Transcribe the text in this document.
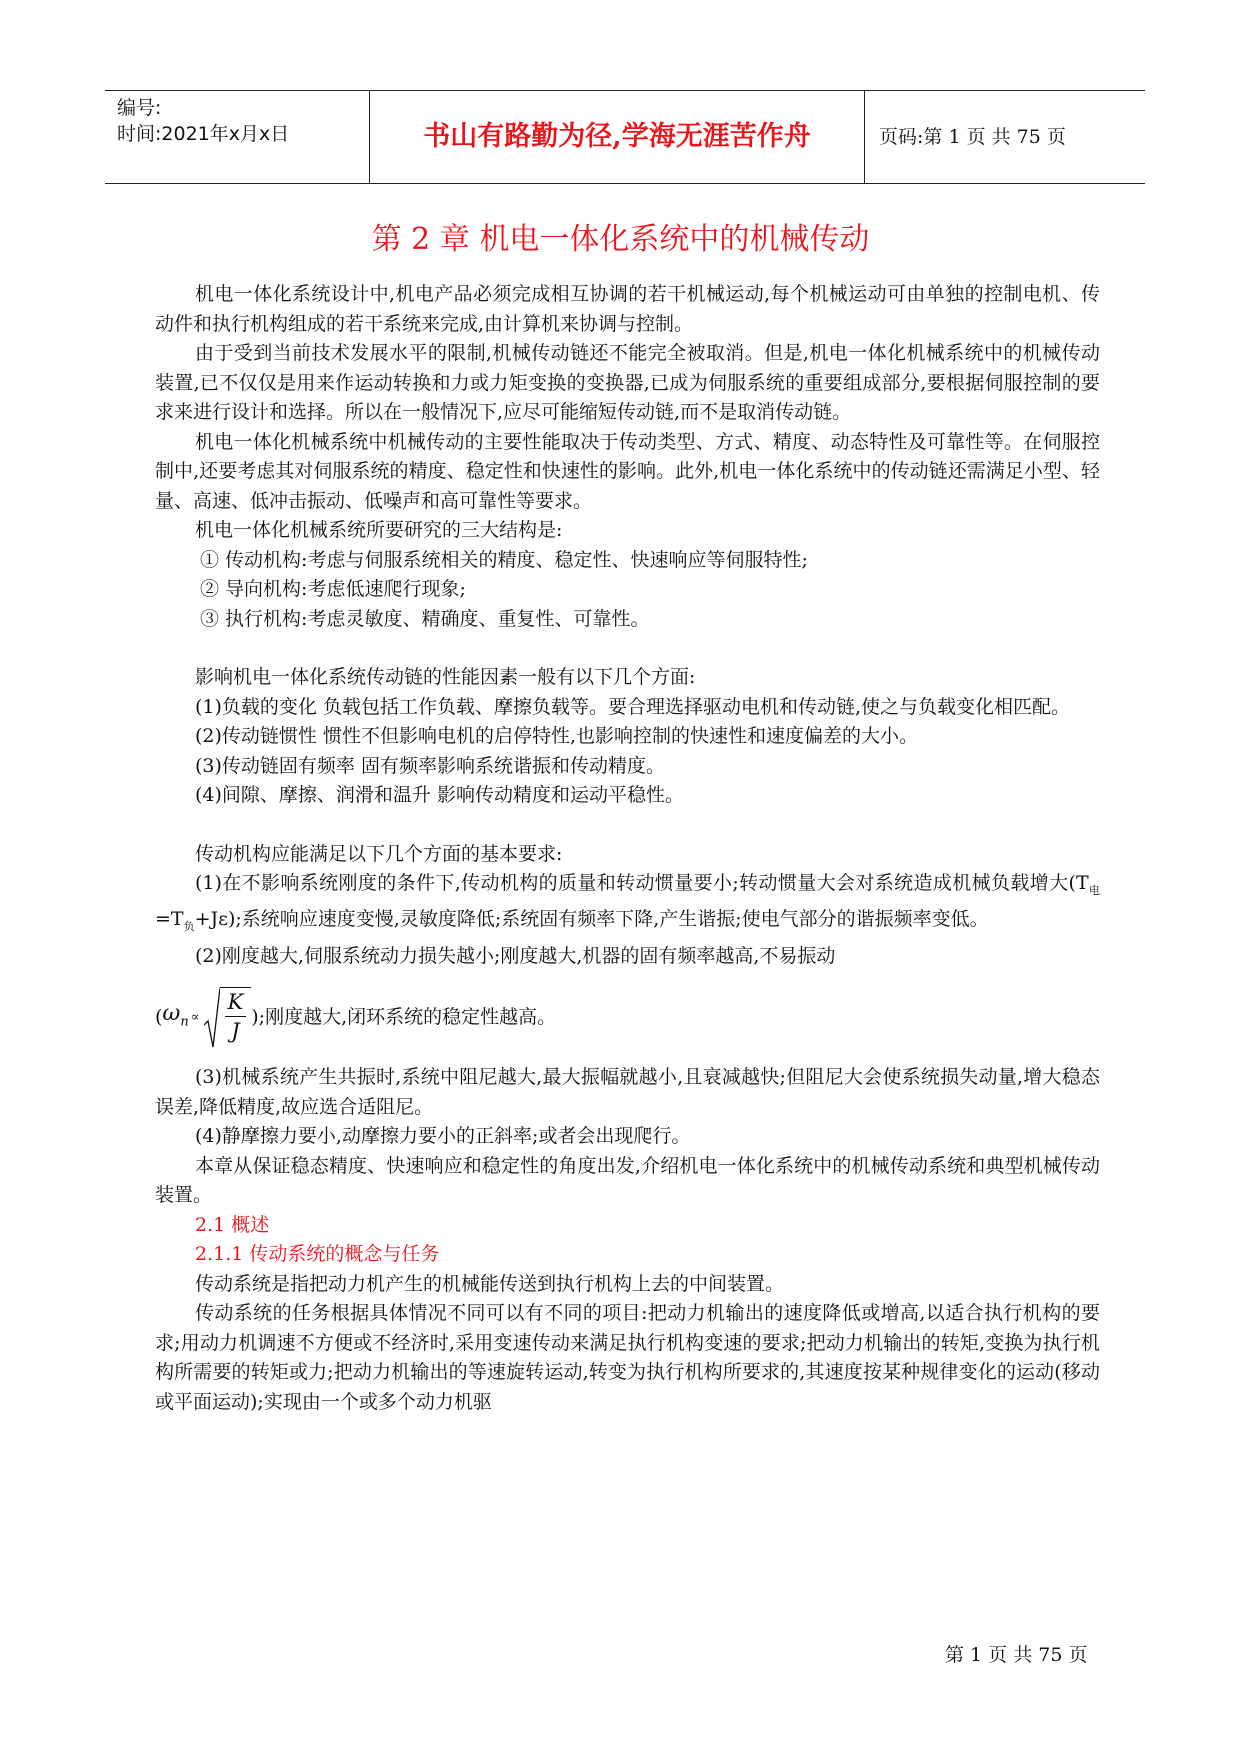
编号:
时间:2021年x月x日	书山有路勤为径,学海无涯苦作舟	页码:第 1 页 共 75 页
第 2 章 机电一体化系统中的机械传动

机电一体化系统设计中,机电产品必须完成相互协调的若干机械运动,每个机械运动可由单独的控制电机、传动件和执行机构组成的若干系统来完成,由计算机来协调与控制。

由于受到当前技术发展水平的限制,机械传动链还不能完全被取消。但是,机电一体化机械系统中的机械传动装置,已不仅仅是用来作运动转换和力或力矩变换的变换器,已成为伺服系统的重要组成部分,要根据伺服控制的要求来进行设计和选择。所以在一般情况下,应尽可能缩短传动链,而不是取消传动链。

机电一体化机械系统中机械传动的主要性能取决于传动类型、方式、精度、动态特性及可靠性等。在伺服控制中,还要考虑其对伺服系统的精度、稳定性和快速性的影响。此外,机电一体化系统中的传动链还需满足小型、轻量、高速、低冲击振动、低噪声和高可靠性等要求。

机电一体化机械系统所要研究的三大结构是:

① 传动机构:考虑与伺服系统相关的精度、稳定性、快速响应等伺服特性;

② 导向机构:考虑低速爬行现象;

③ 执行机构:考虑灵敏度、精确度、重复性、可靠性。

影响机电一体化系统传动链的性能因素一般有以下几个方面:

(1)负载的变化 负载包括工作负载、摩擦负载等。要合理选择驱动电机和传动链,使之与负载变化相匹配。

(2)传动链惯性 惯性不但影响电机的启停特性,也影响控制的快速性和速度偏差的大小。

(3)传动链固有频率 固有频率影响系统谐振和传动精度。

(4)间隙、摩擦、润滑和温升 影响传动精度和运动平稳性。

传动机构应能满足以下几个方面的基本要求:

(1)在不影响系统刚度的条件下,传动机构的质量和转动惯量要小;转动惯量大会对系统造成机械负载增大$(T_电=T_负+J\varepsilon)$;系统响应速度变慢,灵敏度降低;系统固有频率下降,产生谐振;使电气部分的谐振频率变低。

(2)刚度越大,伺服系统动力损失越小;刚度越大,机器的固有频率越高,不易振动

( $\omega_n \propto \frac{K}{J}$ );刚度越大,闭环系统的稳定性越高。

(3)机械系统产生共振时,系统中阻尼越大,最大振幅就越小,且衰减越快;但阻尼大会使系统损失动量,增大稳态误差,降低精度,故应选合适阻尼。

(4)静摩擦力要小,动摩擦力要小的正斜率;或者会出现爬行。

本章从保证稳态精度、快速响应和稳定性的角度出发,介绍机电一体化系统中的机械传动系统和典型机械传动装置。

2.1 概述

2.1.1 传动系统的概念与任务

传动系统是指把动力机产生的机械能传送到执行机构上去的中间装置。

传动系统的任务根据具体情况不同可以有不同的项目:把动力机输出的速度降低或增高,以适合执行机构的要求;用动力机调速不方便或不经济时,采用变速传动来满足执行机构变速的要求;把动力机输出的转矩,变换为执行机构所需要的转矩或力;把动力机输出的等速旋转运动,转变为执行机构所要求的,其速度按某种规律变化的运动(移动或平面运动);实现由一个或多个动力机驱

第 1 页 共 75 页
